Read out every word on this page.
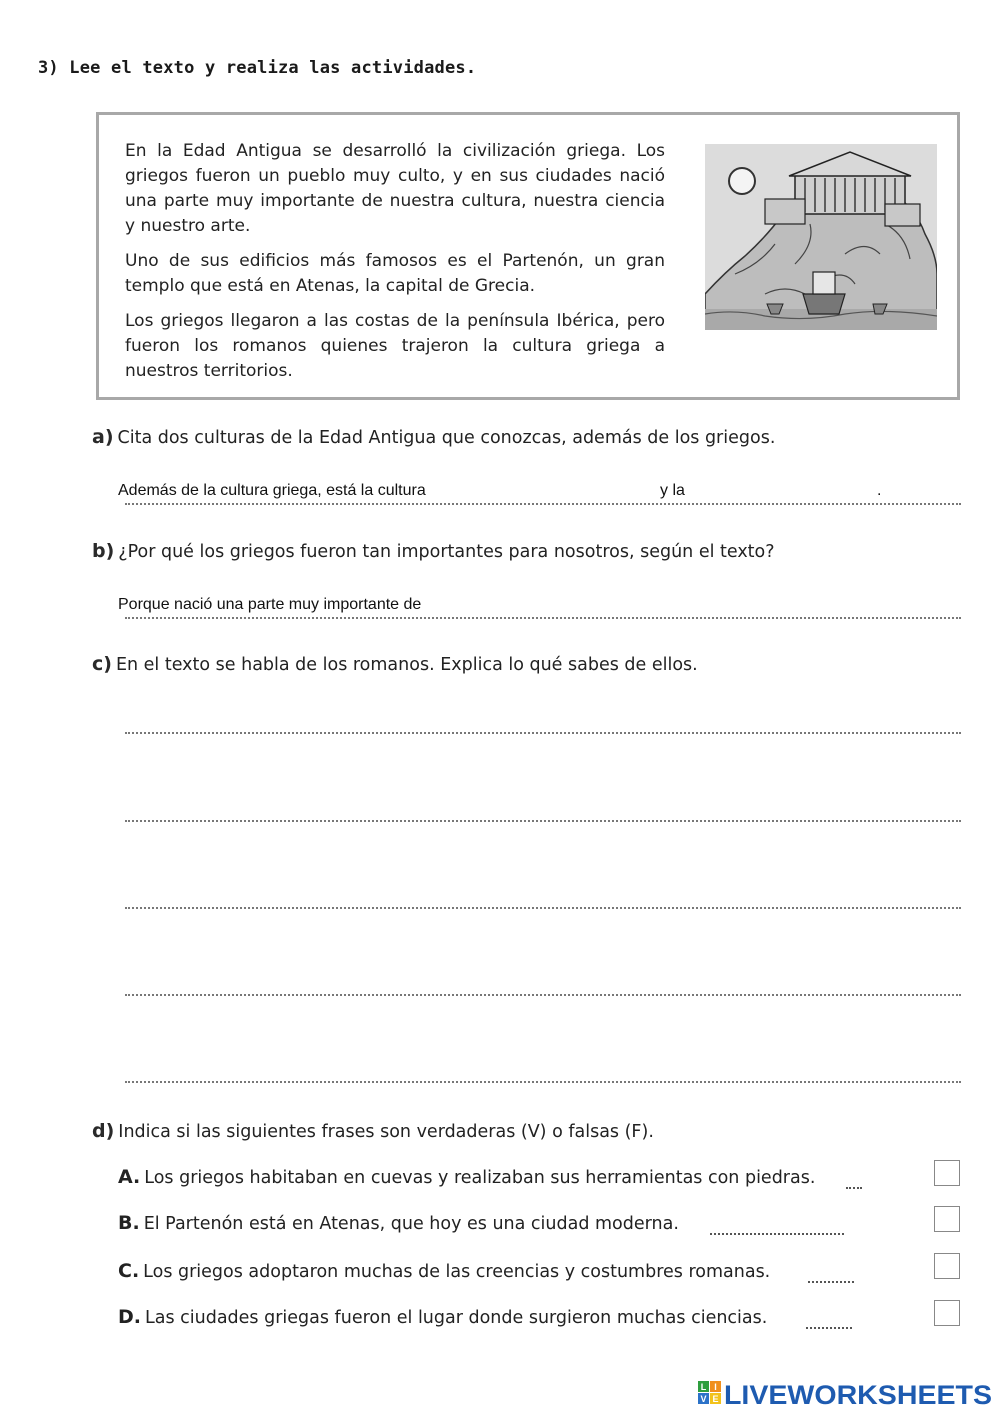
3) Lee el texto y realiza las actividades.
En la Edad Antigua se desarrolló la civilización griega. Los griegos fueron un pueblo muy culto, y en sus ciudades nació una parte muy importante de nuestra cultura, nuestra ciencia y nuestro arte.
Uno de sus edificios más famosos es el Partenón, un gran templo que está en Atenas, la capital de Grecia.
Los griegos llegaron a las costas de la península Ibérica, pero fueron los romanos quienes trajeron la cultura griega a nuestros territorios.
a) Cita dos culturas de la Edad Antigua que conozcas, además de los griegos.
Además de la cultura griega, está la cultura	y la	.
b) ¿Por qué los griegos fueron tan importantes para nosotros, según el texto?
Porque nació una parte muy importante de
c) En el texto se habla de los romanos. Explica lo qué sabes de ellos.
d) Indica si las siguientes frases son verdaderas (V) o falsas (F).
A. Los griegos habitaban en cuevas y realizaban sus herramientas con piedras.
B. El Partenón está en Atenas, que hoy es una ciudad moderna.
C. Los griegos adoptaron muchas de las creencias y costumbres romanas.
D. Las ciudades griegas fueron el lugar donde surgieron muchas ciencias.
L I
V E LIVEWORKSHEETS
